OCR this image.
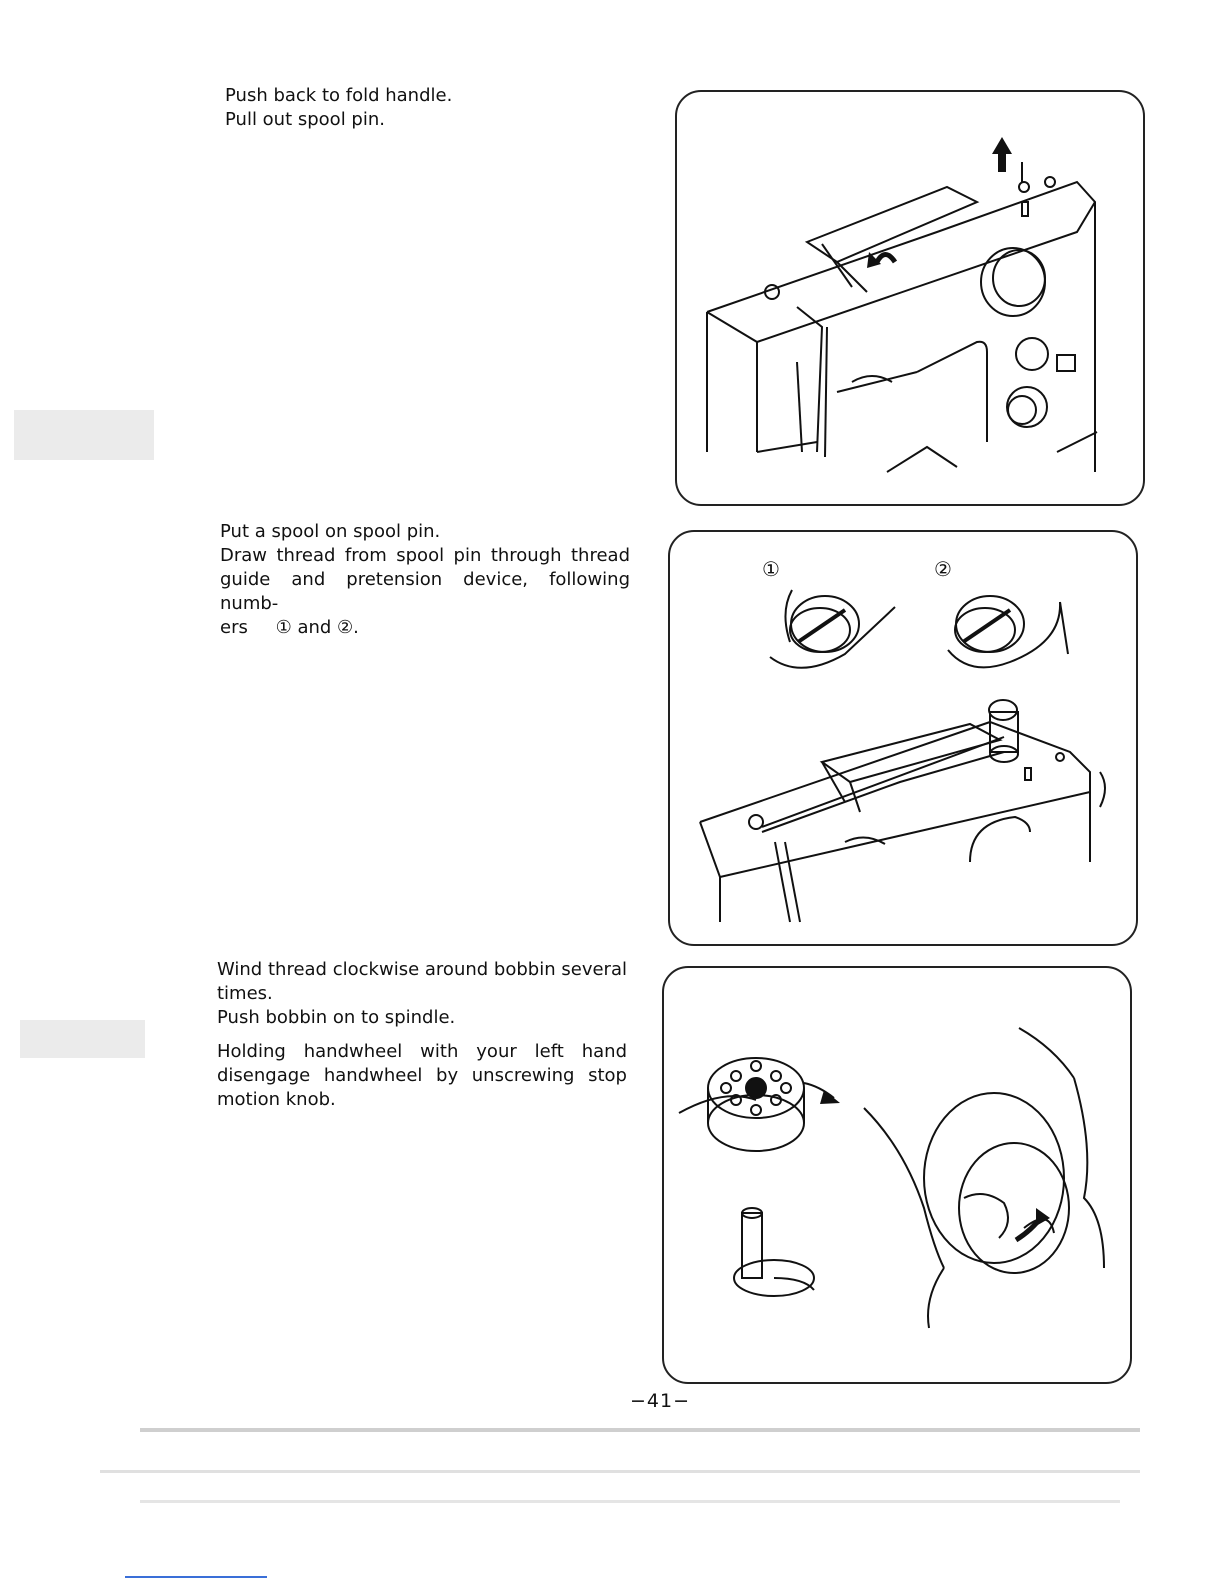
Push back to fold handle.

Pull out spool pin.

Put a spool on spool pin.

Draw thread from spool pin through thread

guide and pretension device, following numb-

ers ① and ②.

①	②

Wind thread clockwise around bobbin several

times.

Push bobbin on to spindle.

Holding handwheel with your left hand

disengage handwheel by unscrewing stop

motion knob.

−41−
